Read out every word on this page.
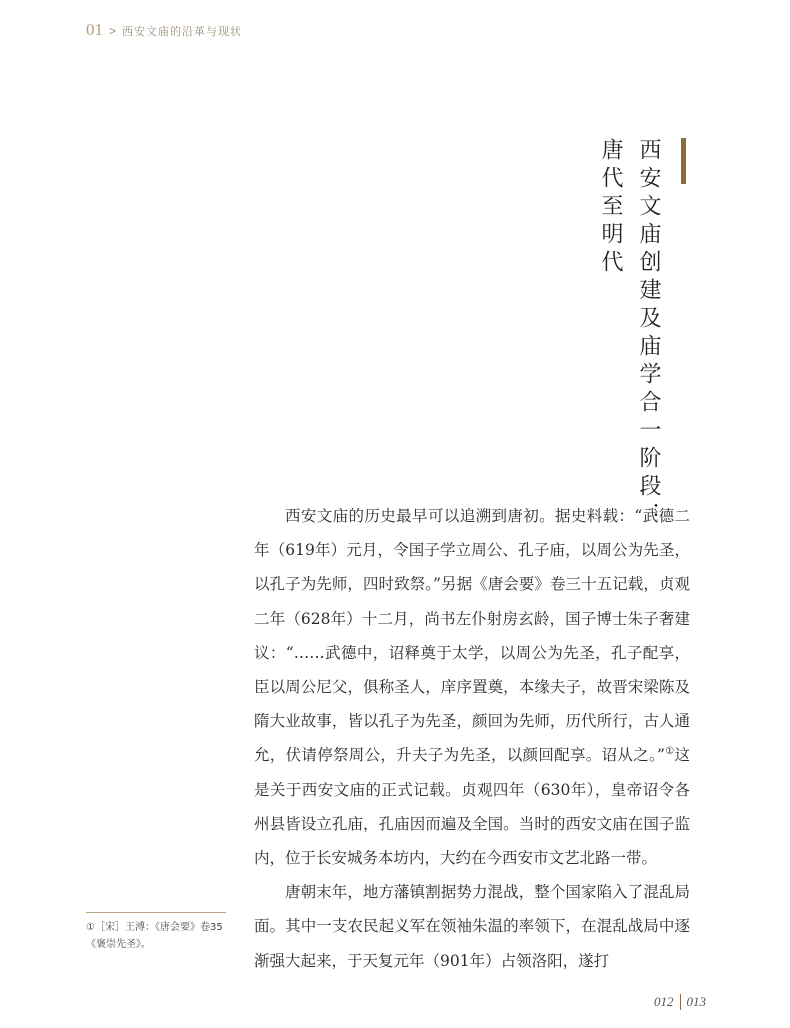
01 > 西安文庙的沿革与现状
西安文庙创建及庙学合一阶段：
唐代至明代

西安文庙的历史最早可以追溯到唐初。据史料载：“武德二年（619年）元月，令国子学立周公、孔子庙，以周公为先圣，以孔子为先师，四时致祭。”另据《唐会要》卷三十五记载，贞观二年（628年）十二月，尚书左仆射房玄龄，国子博士朱子奢建议：“……武德中，诏释奠于太学，以周公为先圣，孔子配享，臣以周公尼父，俱称圣人，庠序置奠，本缘夫子，故晋宋梁陈及隋大业故事，皆以孔子为先圣，颜回为先师，历代所行，古人通允，伏请停祭周公，升夫子为先圣，以颜回配享。诏从之。”①这是关于西安文庙的正式记载。贞观四年（630年），皇帝诏令各州县皆设立孔庙，孔庙因而遍及全国。当时的西安文庙在国子监内，位于长安城务本坊内，大约在今西安市文艺北路一带。

唐朝末年，地方藩镇割据势力混战，整个国家陷入了混乱局面。其中一支农民起义军在领袖朱温的率领下，在混乱战局中逐渐强大起来，于天复元年（901年）占领洛阳，遂打

①［宋］王溥：《唐会要》卷35《褒崇先圣》。
012 013
